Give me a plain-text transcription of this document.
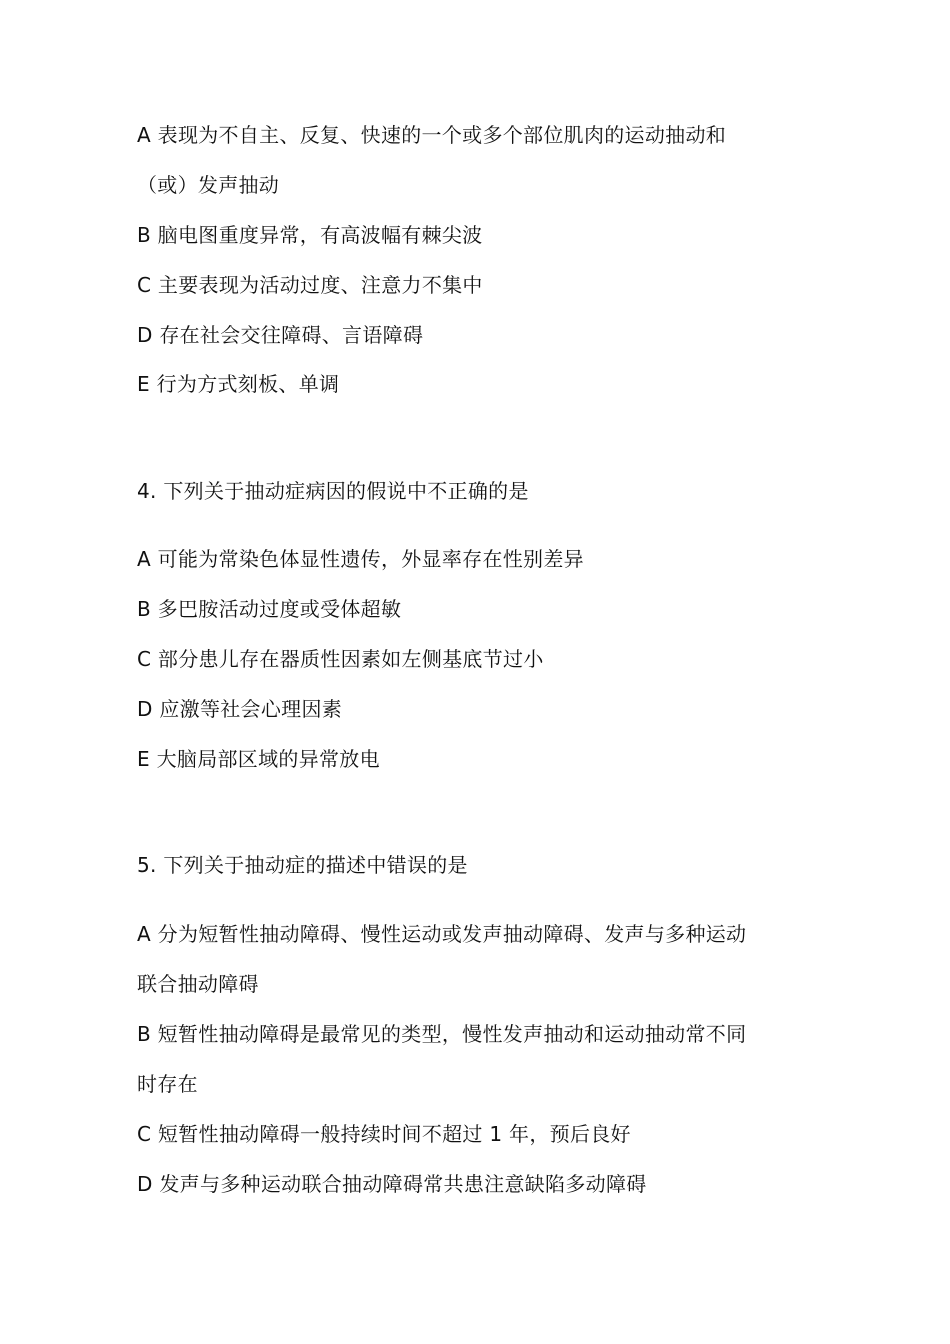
A 表现为不自主、反复、快速的一个或多个部位肌肉的运动抽动和
（或）发声抽动
B 脑电图重度异常，有高波幅有棘尖波
C 主要表现为活动过度、注意力不集中
D 存在社会交往障碍、言语障碍
E 行为方式刻板、单调
4. 下列关于抽动症病因的假说中不正确的是
A 可能为常染色体显性遗传，外显率存在性别差异
B 多巴胺活动过度或受体超敏
C 部分患儿存在器质性因素如左侧基底节过小
D 应激等社会心理因素
E 大脑局部区域的异常放电
5. 下列关于抽动症的描述中错误的是
A 分为短暂性抽动障碍、慢性运动或发声抽动障碍、发声与多种运动
联合抽动障碍
B 短暂性抽动障碍是最常见的类型，慢性发声抽动和运动抽动常不同
时存在
C 短暂性抽动障碍一般持续时间不超过 1 年，预后良好
D 发声与多种运动联合抽动障碍常共患注意缺陷多动障碍
